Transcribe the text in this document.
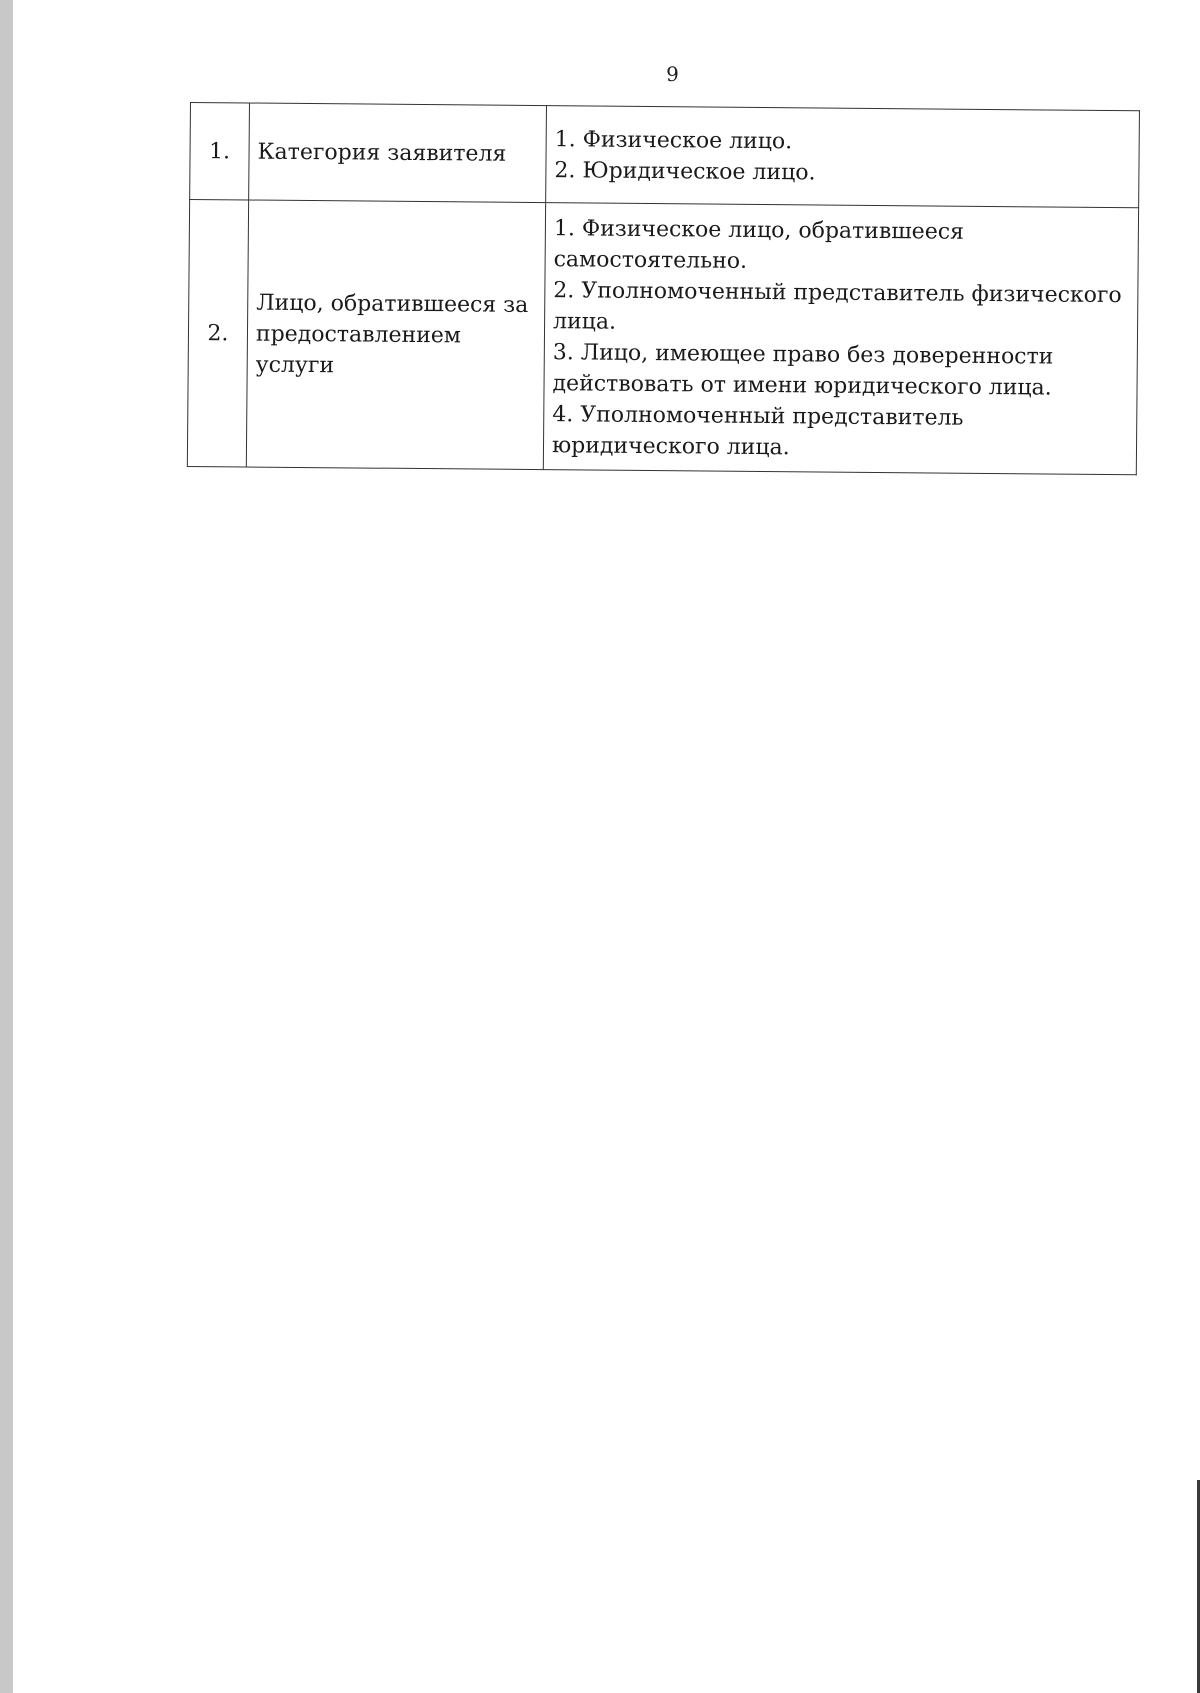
9
1.	Категория заявителя	1. Физическое лицо.
2. Юридическое лицо.

2.	Лицо, обратившееся за предоставлением услуги	1. Физическое лицо, обратившееся самостоятельно.
2. Уполномоченный представитель физического лица.
3. Лицо, имеющее право без доверенности действовать от имени юридического лица.
4. Уполномоченный представитель юридического лица.
